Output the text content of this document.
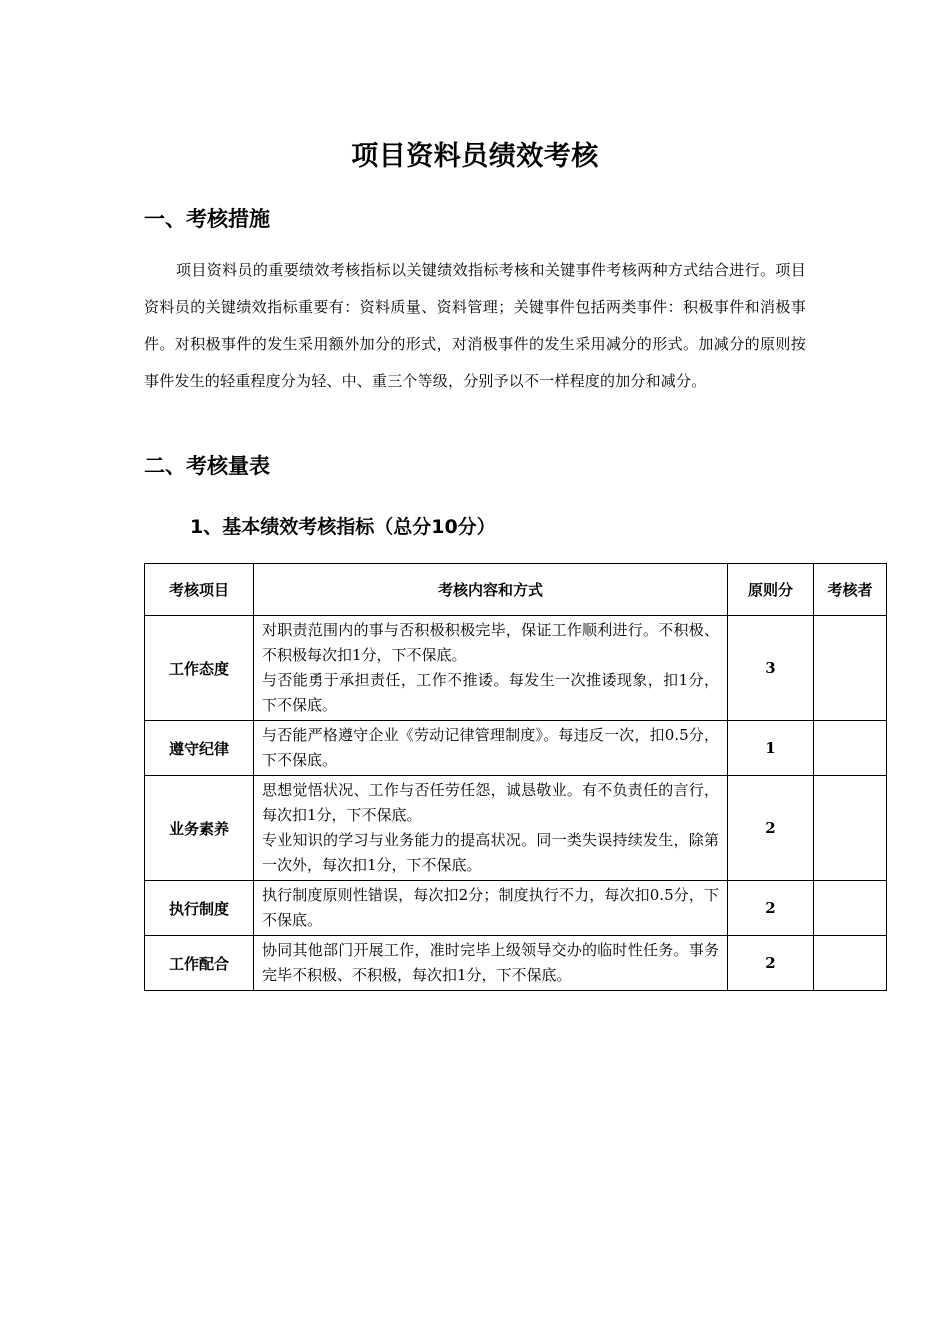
项目资料员绩效考核
一、考核措施
项目资料员的重要绩效考核指标以关键绩效指标考核和关键事件考核两种方式结合进行。项目资料员的关键绩效指标重要有：资料质量、资料管理；关键事件包括两类事件：积极事件和消极事件。对积极事件的发生采用额外加分的形式，对消极事件的发生采用减分的形式。加减分的原则按事件发生的轻重程度分为轻、中、重三个等级，分别予以不一样程度的加分和减分。
二、考核量表
1、基本绩效考核指标（总分10分）
考核项目	考核内容和方式	原则分	考核者
工作态度	对职责范围内的事与否积极积极完毕，保证工作顺利进行。不积极、不积极每次扣1分，下不保底。
与否能勇于承担责任，工作不推诿。每发生一次推诿现象，扣1分，下不保底。	3	
遵守纪律	与否能严格遵守企业《劳动记律管理制度》。每违反一次，扣0.5分，下不保底。	1	
业务素养	思想觉悟状况、工作与否任劳任怨，诚恳敬业。有不负责任的言行，每次扣1分，下不保底。
专业知识的学习与业务能力的提高状况。同一类失误持续发生，除第一次外，每次扣1分，下不保底。	2	
执行制度	执行制度原则性错误，每次扣2分；制度执行不力，每次扣0.5分，下不保底。	2	
工作配合	协同其他部门开展工作，准时完毕上级领导交办的临时性任务。事务完毕不积极、不积极，每次扣1分，下不保底。	2	
